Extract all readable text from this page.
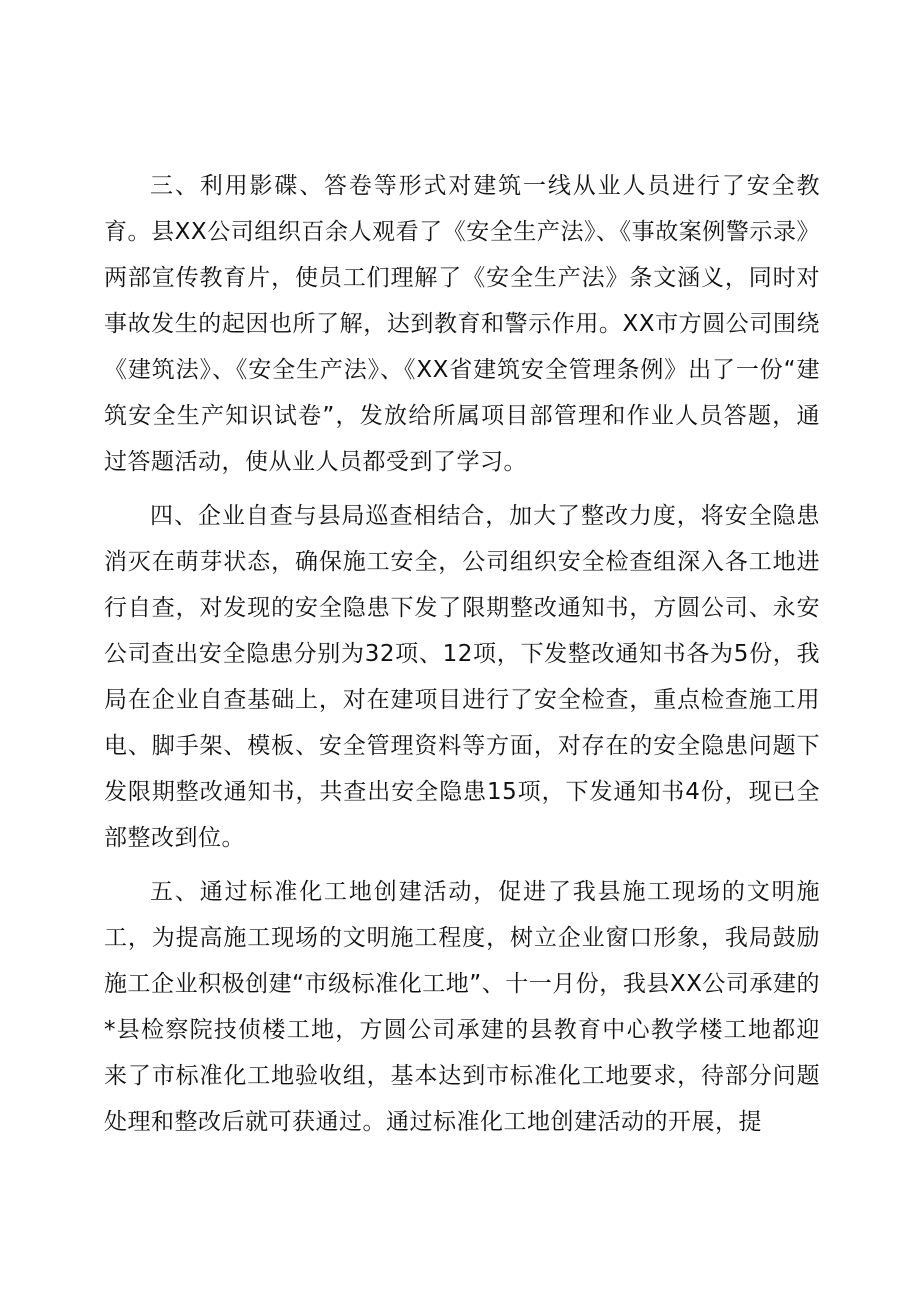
三、利用影碟、答卷等形式对建筑一线从业人员进行了安全教育。县XX公司组织百余人观看了《安全生产法》、《事故案例警示录》两部宣传教育片，使员工们理解了《安全生产法》条文涵义，同时对事故发生的起因也所了解，达到教育和警示作用。XX市方圆公司围绕《建筑法》、《安全生产法》、《XX省建筑安全管理条例》出了一份“建筑安全生产知识试卷”，发放给所属项目部管理和作业人员答题，通过答题活动，使从业人员都受到了学习。

四、企业自查与县局巡查相结合，加大了整改力度，将安全隐患消灭在萌芽状态，确保施工安全，公司组织安全检查组深入各工地进行自查，对发现的安全隐患下发了限期整改通知书，方圆公司、永安公司查出安全隐患分别为32项、12项，下发整改通知书各为5份，我局在企业自查基础上，对在建项目进行了安全检查，重点检查施工用电、脚手架、模板、安全管理资料等方面，对存在的安全隐患问题下发限期整改通知书，共查出安全隐患15项，下发通知书4份，现已全部整改到位。

五、通过标准化工地创建活动，促进了我县施工现场的文明施工，为提高施工现场的文明施工程度，树立企业窗口形象，我局鼓励施工企业积极创建“市级标准化工地”、十一月份，我县XX公司承建的*县检察院技侦楼工地，方圆公司承建的县教育中心教学楼工地都迎来了市标准化工地验收组，基本达到市标准化工地要求，待部分问题处理和整改后就可获通过。通过标准化工地创建活动的开展，提
